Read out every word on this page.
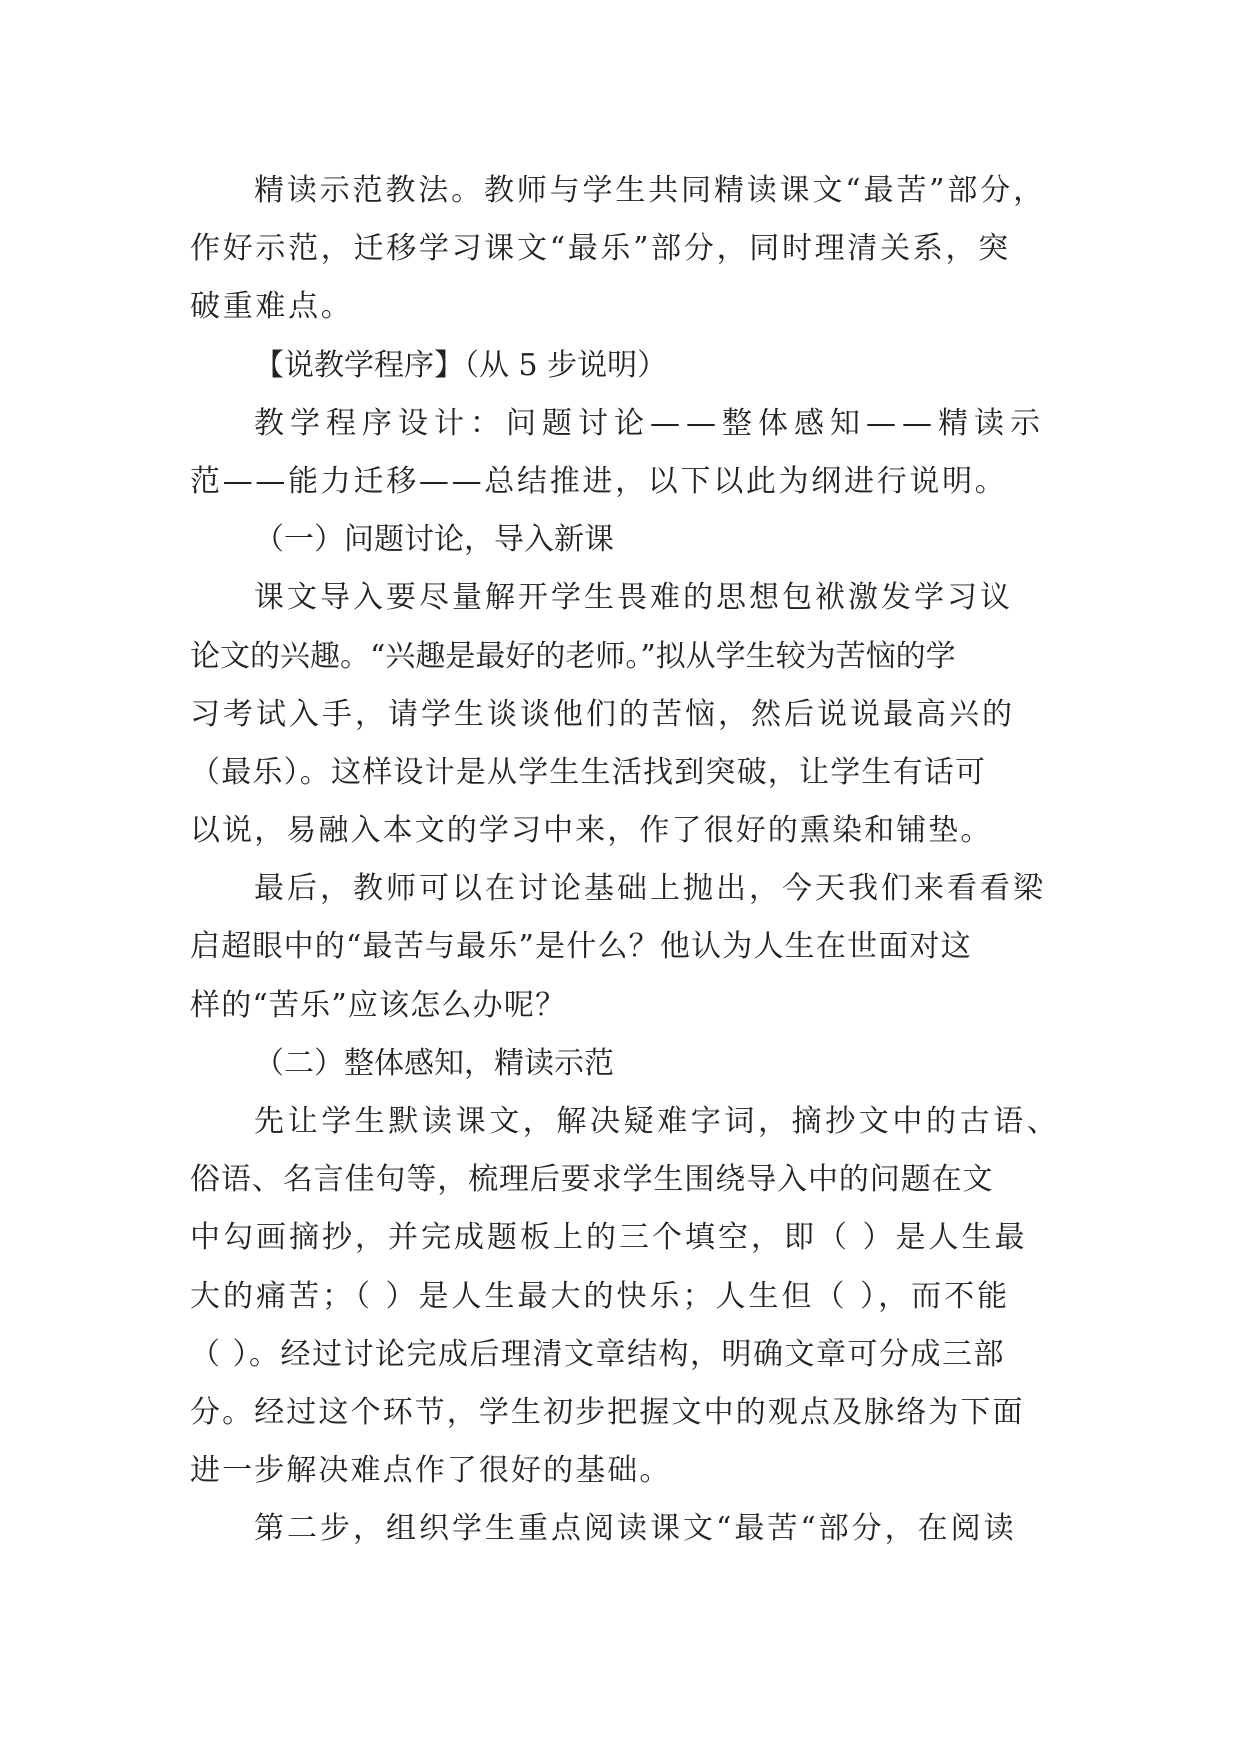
精读示范教法。教师与学生共同精读课文“最苦”部分，
作好示范，迁移学习课文“最乐”部分，同时理清关系，突
破重难点。
【说教学程序】（从 5 步说明）
教学程序设计：问题讨论——整体感知——精读示
范——能力迁移——总结推进，以下以此为纲进行说明。
（一）问题讨论，导入新课
课文导入要尽量解开学生畏难的思想包袱激发学习议
论文的兴趣。“兴趣是最好的老师。”拟从学生较为苦恼的学
习考试入手，请学生谈谈他们的苦恼，然后说说最高兴的
（最乐）。这样设计是从学生生活找到突破，让学生有话可
以说，易融入本文的学习中来，作了很好的熏染和铺垫。
最后，教师可以在讨论基础上抛出，今天我们来看看梁
启超眼中的“最苦与最乐”是什么？他认为人生在世面对这
样的“苦乐”应该怎么办呢？
（二）整体感知，精读示范
先让学生默读课文，解决疑难字词，摘抄文中的古语、
俗语、名言佳句等，梳理后要求学生围绕导入中的问题在文
中勾画摘抄，并完成题板上的三个填空，即（ ）是人生最
大的痛苦；（ ）是人生最大的快乐；人生但（ ），而不能
（ ）。经过讨论完成后理清文章结构，明确文章可分成三部
分。经过这个环节，学生初步把握文中的观点及脉络为下面
进一步解决难点作了很好的基础。
第二步，组织学生重点阅读课文“最苦“部分，在阅读
